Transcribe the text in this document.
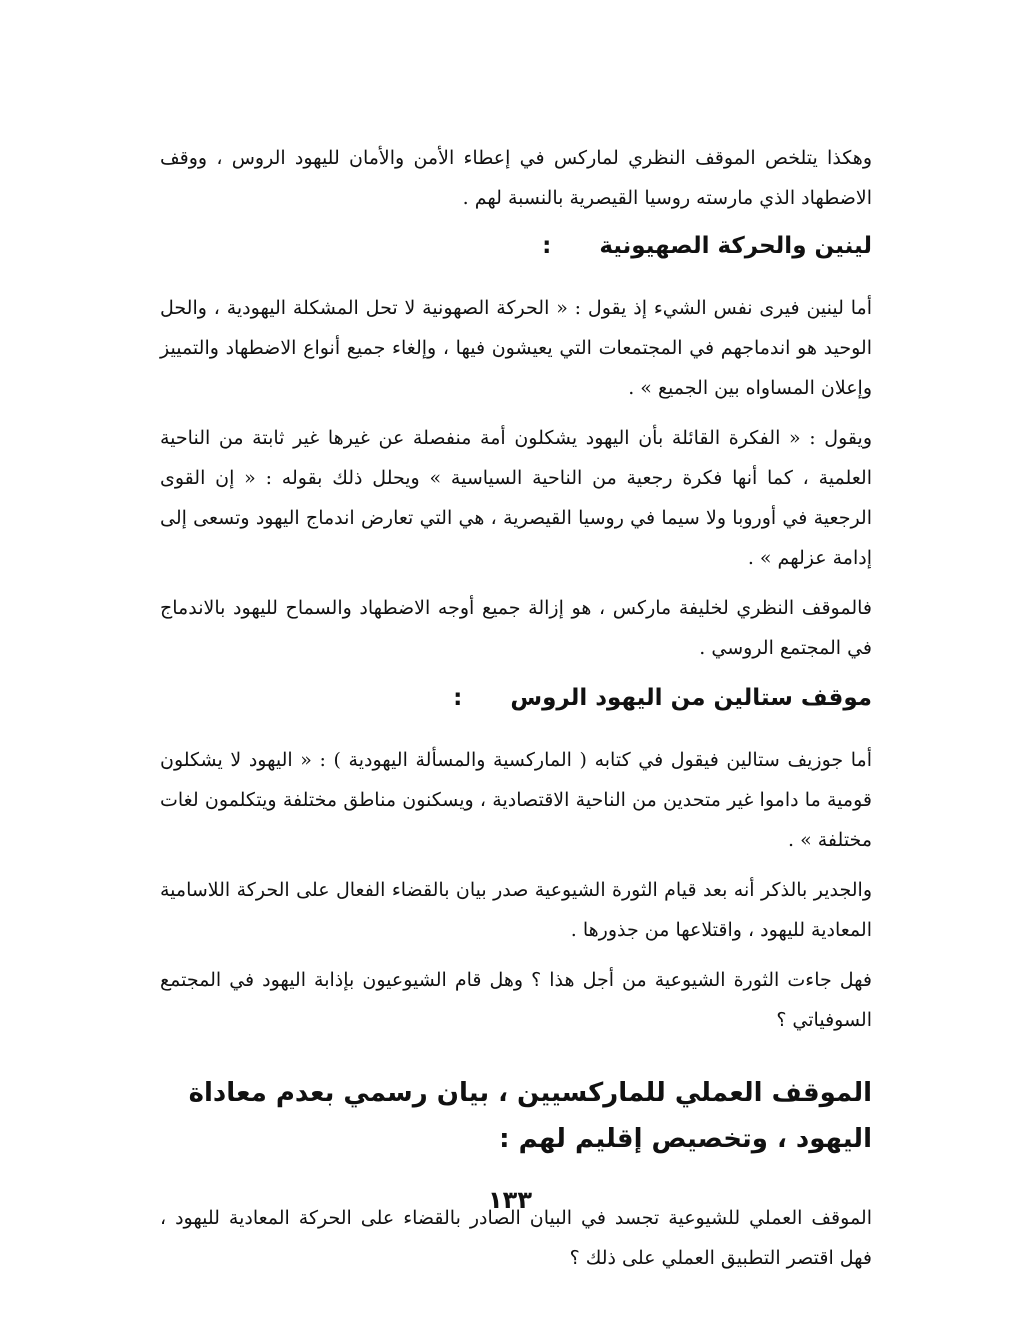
وهكذا يتلخص الموقف النظري لماركس في إعطاء الأمن والأمان لليهود الروس ، ووقف الاضطهاد الذي مارسته روسيا القيصرية بالنسبة لهم .

لينين والحركة الصهيونية:

أما لينين فيرى نفس الشيء إذ يقول : « الحركة الصهونية لا تحل المشكلة اليهودية ، والحل الوحيد هو اندماجهم في المجتمعات التي يعيشون فيها ، وإلغاء جميع أنواع الاضطهاد والتمييز وإعلان المساواه بين الجميع » .

ويقول : « الفكرة القائلة بأن اليهود يشكلون أمة منفصلة عن غيرها غير ثابتة من الناحية العلمية ، كما أنها فكرة رجعية من الناحية السياسية » ويحلل ذلك بقوله : « إن القوى الرجعية في أوروبا ولا سيما في روسيا القيصرية ، هي التي تعارض اندماج اليهود وتسعى إلى إدامة عزلهم » .

فالموقف النظري لخليفة ماركس ، هو إزالة جميع أوجه الاضطهاد والسماح لليهود بالاندماج في المجتمع الروسي .

موقف ستالين من اليهود الروس:

أما جوزيف ستالين فيقول في كتابه ( الماركسية والمسألة اليهودية ) : « اليهود لا يشكلون قومية ما داموا غير متحدين من الناحية الاقتصادية ، ويسكنون مناطق مختلفة ويتكلمون لغات مختلفة » .

والجدير بالذكر أنه بعد قيام الثورة الشيوعية صدر بيان بالقضاء الفعال على الحركة اللاسامية المعادية لليهود ، واقتلاعها من جذورها .

فهل جاءت الثورة الشيوعية من أجل هذا ؟ وهل قام الشيوعيون بإذابة اليهود في المجتمع السوفياتي ؟

الموقف العملي للماركسيين ، بيان رسمي بعدم معاداة اليهود ، وتخصيص إقليم لهم :

الموقف العملي للشيوعية تجسد في البيان الصادر بالقضاء على الحركة المعادية لليهود ، فهل اقتصر التطبيق العملي على ذلك ؟

١٣٣
